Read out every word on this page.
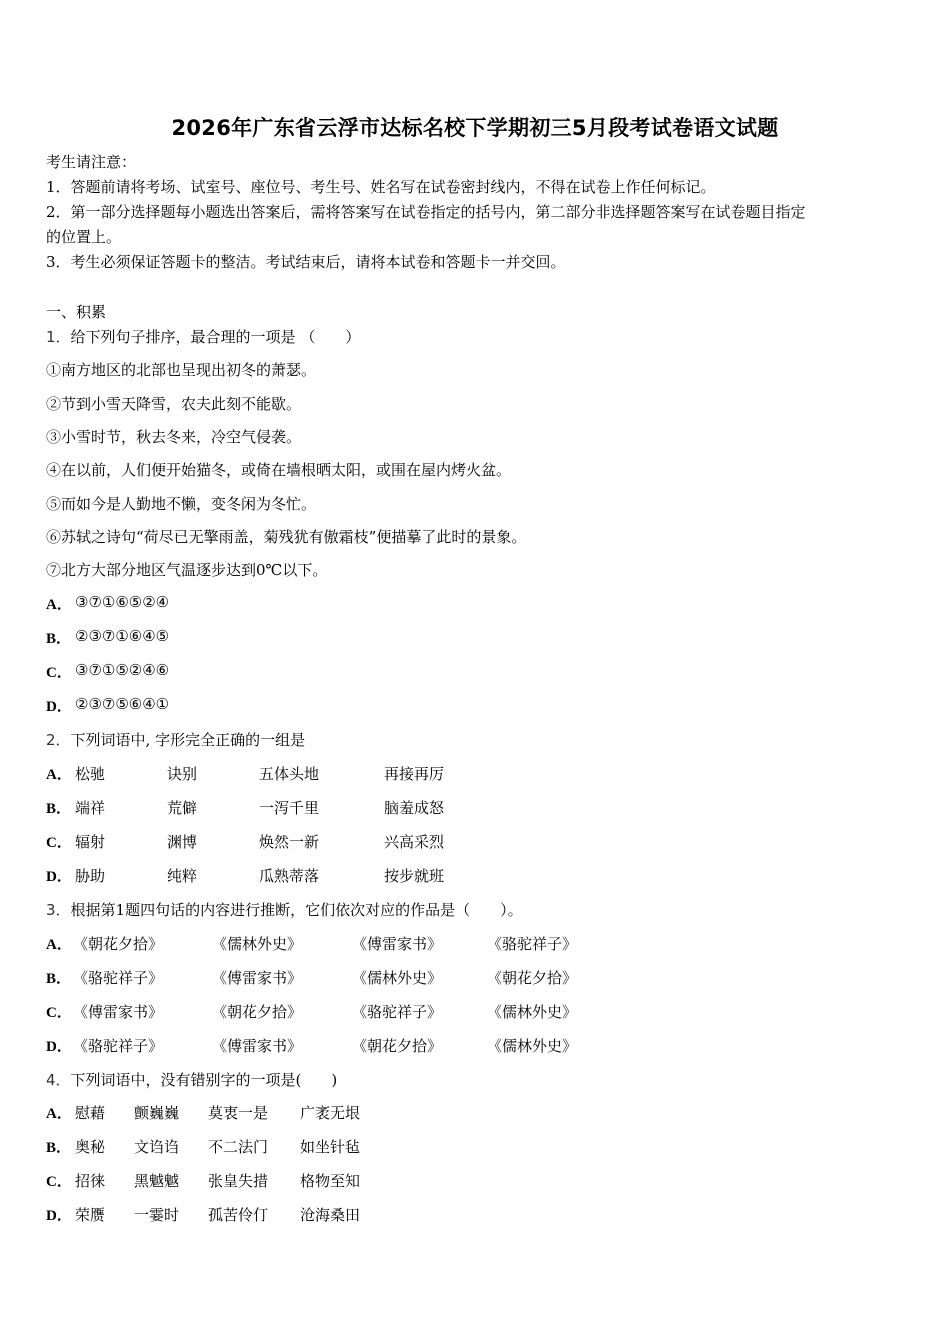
2026年广东省云浮市达标名校下学期初三5月段考试卷语文试题
考生请注意：
1．答题前请将考场、试室号、座位号、考生号、姓名写在试卷密封线内，不得在试卷上作任何标记。
2．第一部分选择题每小题选出答案后，需将答案写在试卷指定的括号内，第二部分非选择题答案写在试卷题目指定
的位置上。
3．考生必须保证答题卡的整洁。考试结束后，请将本试卷和答题卡一并交回。
一、积累
1．给下列句子排序，最合理的一项是 （　　）
①南方地区的北部也呈现出初冬的萧瑟。
②节到小雪天降雪，农夫此刻不能歇。
③小雪时节，秋去冬来，冷空气侵袭。
④在以前，人们便开始猫冬，或倚在墙根晒太阳，或围在屋内烤火盆。
⑤而如今是人勤地不懒，变冬闲为冬忙。
⑥苏轼之诗句“荷尽已无擎雨盖，菊残犹有傲霜枝”便描摹了此时的景象。
⑦北方大部分地区气温逐步达到0℃以下。
A． ③⑦①⑥⑤②④
B． ②③⑦①⑥④⑤
C． ③⑦①⑤②④⑥
D． ②③⑦⑤⑥④①
2．下列词语中, 字形完全正确的一组是
A． 松驰	诀别	五体头地	再接再厉
B． 端祥	荒僻	一泻千里	脑羞成怒
C． 辐射	渊博	焕然一新	兴高采烈
D． 胁助	纯粹	瓜熟蒂落	按步就班
3．根据第1题四句话的内容进行推断，它们依次对应的作品是（　　）。
A． 《朝花夕拾》	《儒林外史》	《傅雷家书》	《骆驼祥子》
B． 《骆驼祥子》	《傅雷家书》	《儒林外史》	《朝花夕拾》
C． 《傅雷家书》	《朝花夕拾》	《骆驼祥子》	《儒林外史》
D． 《骆驼祥子》	《傅雷家书》	《朝花夕拾》	《儒林外史》
4．下列词语中，没有错别字的一项是(　　)
A． 慰藉 颤巍巍 莫衷一是 广袤无垠
B． 奥秘 文诌诌 不二法门 如坐针毡
C． 招徕 黑魆魆 张皇失措 格物至知
D． 荣赝 一霎时 孤苦伶仃 沧海桑田
